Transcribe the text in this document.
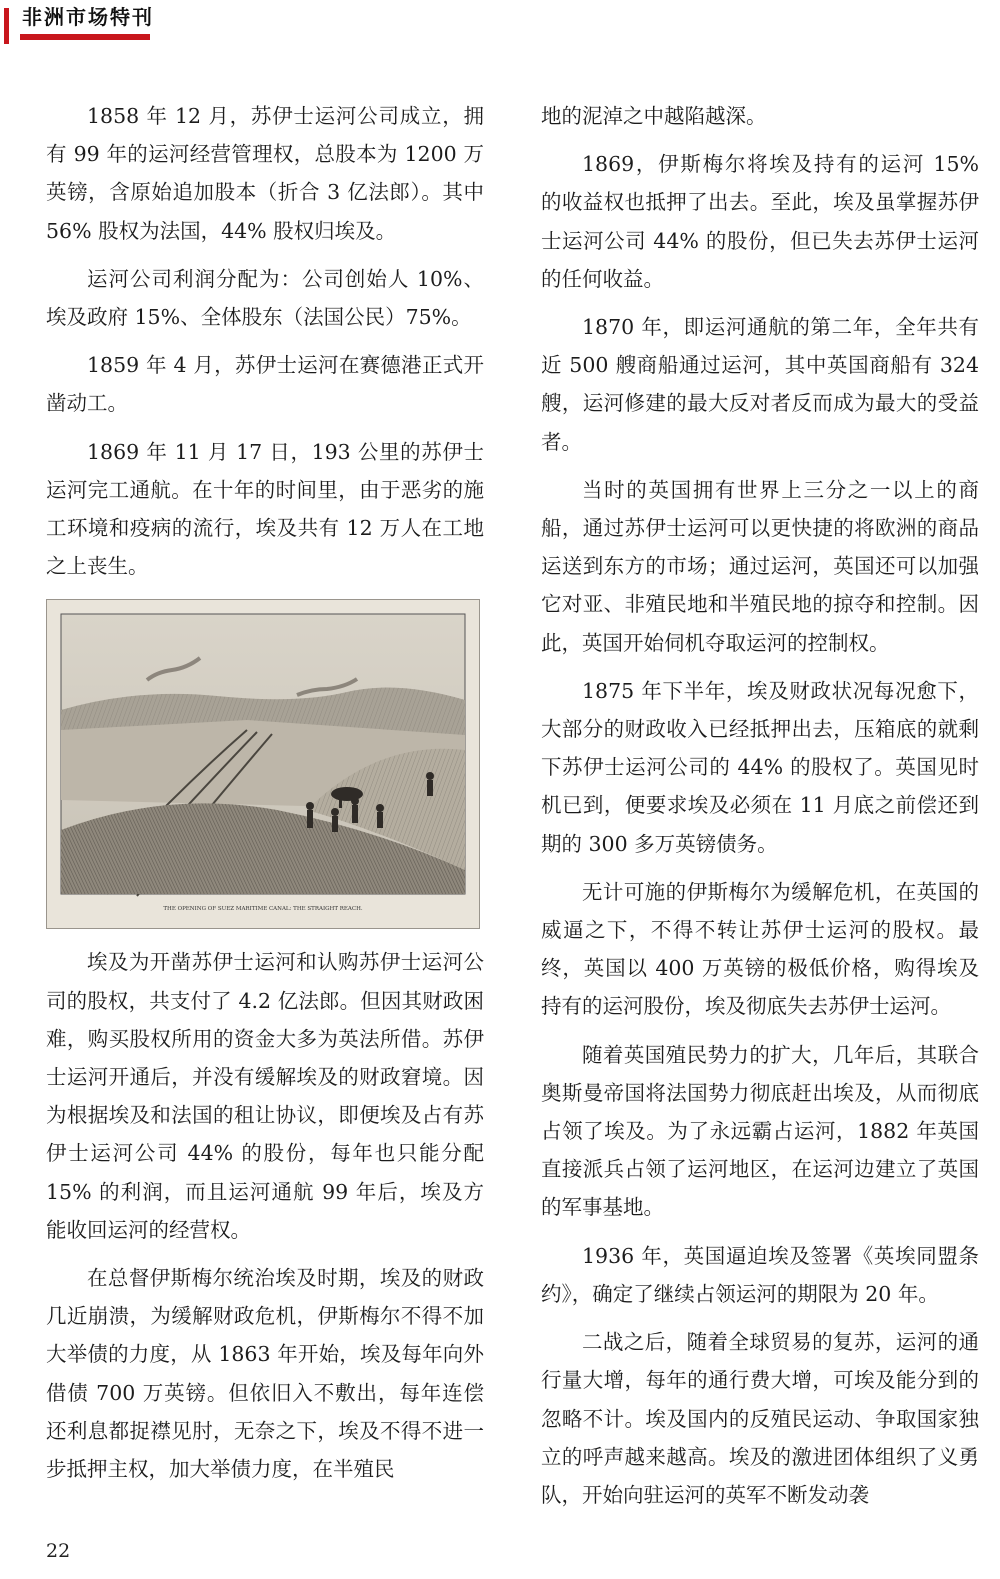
非洲市场特刊

1858 年 12 月，苏伊士运河公司成立，拥有 99 年的运河经营管理权，总股本为 1200 万英镑，含原始追加股本（折合 3 亿法郎）。其中 56% 股权为法国，44% 股权归埃及。

运河公司利润分配为：公司创始人 10%、埃及政府 15%、全体股东（法国公民）75%。

1859 年 4 月，苏伊士运河在赛德港正式开凿动工。

1869 年 11 月 17 日，193 公里的苏伊士运河完工通航。在十年的时间里，由于恶劣的施工环境和疫病的流行，埃及共有 12 万人在工地之上丧生。

THE OPENING OF SUEZ MARITIME CANAL: THE STRAIGHT REACH.

埃及为开凿苏伊士运河和认购苏伊士运河公司的股权，共支付了 4.2 亿法郎。但因其财政困难，购买股权所用的资金大多为英法所借。苏伊士运河开通后，并没有缓解埃及的财政窘境。因为根据埃及和法国的租让协议，即便埃及占有苏伊士运河公司 44% 的股份，每年也只能分配 15% 的利润，而且运河通航 99 年后，埃及方能收回运河的经营权。

在总督伊斯梅尔统治埃及时期，埃及的财政几近崩溃，为缓解财政危机，伊斯梅尔不得不加大举债的力度，从 1863 年开始，埃及每年向外借债 700 万英镑。但依旧入不敷出，每年连偿还利息都捉襟见肘，无奈之下，埃及不得不进一步抵押主权，加大举债力度，在半殖民

地的泥淖之中越陷越深。

1869，伊斯梅尔将埃及持有的运河 15% 的收益权也抵押了出去。至此，埃及虽掌握苏伊士运河公司 44% 的股份，但已失去苏伊士运河的任何收益。

1870 年，即运河通航的第二年，全年共有近 500 艘商船通过运河，其中英国商船有 324 艘，运河修建的最大反对者反而成为最大的受益者。

当时的英国拥有世界上三分之一以上的商船，通过苏伊士运河可以更快捷的将欧洲的商品运送到东方的市场；通过运河，英国还可以加强它对亚、非殖民地和半殖民地的掠夺和控制。因此，英国开始伺机夺取运河的控制权。

1875 年下半年，埃及财政状况每况愈下，大部分的财政收入已经抵押出去，压箱底的就剩下苏伊士运河公司的 44% 的股权了。英国见时机已到，便要求埃及必须在 11 月底之前偿还到期的 300 多万英镑债务。

无计可施的伊斯梅尔为缓解危机，在英国的威逼之下，不得不转让苏伊士运河的股权。最终，英国以 400 万英镑的极低价格，购得埃及持有的运河股份，埃及彻底失去苏伊士运河。

随着英国殖民势力的扩大，几年后，其联合奥斯曼帝国将法国势力彻底赶出埃及，从而彻底占领了埃及。为了永远霸占运河，1882 年英国直接派兵占领了运河地区，在运河边建立了英国的军事基地。

1936 年，英国逼迫埃及签署《英埃同盟条约》，确定了继续占领运河的期限为 20 年。

二战之后，随着全球贸易的复苏，运河的通行量大增，每年的通行费大增，可埃及能分到的忽略不计。埃及国内的反殖民运动、争取国家独立的呼声越来越高。埃及的激进团体组织了义勇队，开始向驻运河的英军不断发动袭

22
